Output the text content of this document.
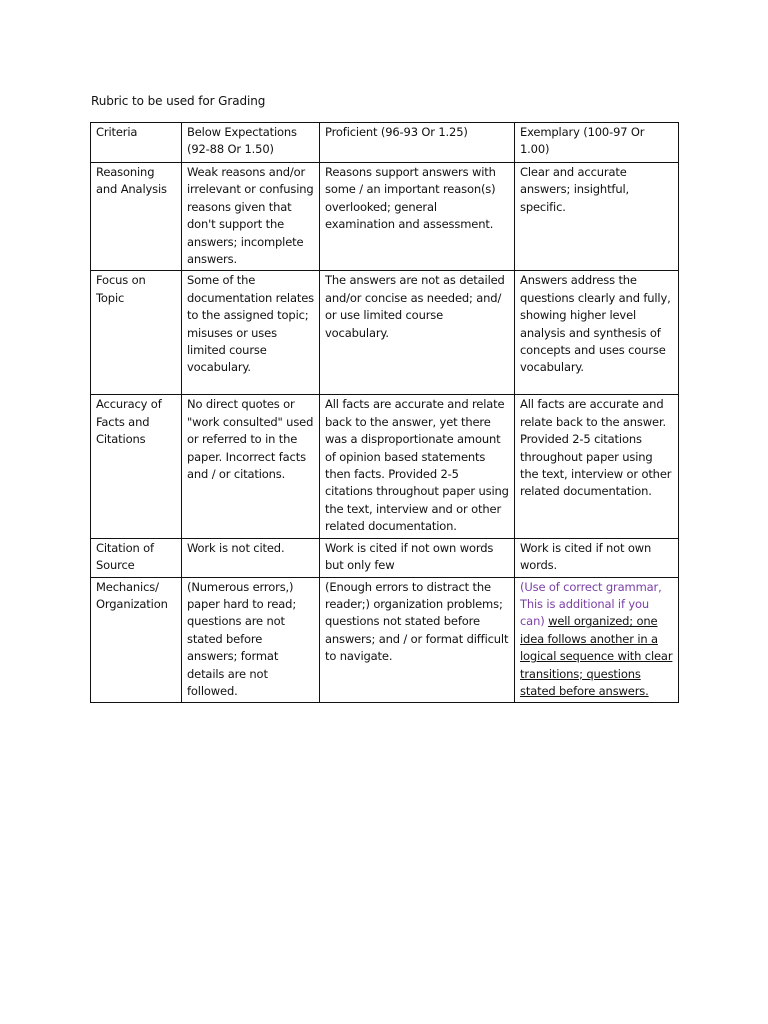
Rubric to be used for Grading
Criteria	Below Expectations (92-88 Or 1.50)	Proficient (96-93 Or 1.25)	Exemplary (100-97 Or 1.00)
Reasoning and Analysis	Weak reasons and/or irrelevant or confusing reasons given that don't support the answers; incomplete answers.	Reasons support answers with some / an important reason(s) overlooked; general examination and assessment.	Clear and accurate answers; insightful, specific.
Focus on Topic	Some of the documentation relates to the assigned topic; misuses or uses limited course vocabulary.	The answers are not as detailed and/or concise as needed; and/ or use limited course vocabulary.	Answers address the questions clearly and fully, showing higher level analysis and synthesis of concepts and uses course vocabulary.
Accuracy of Facts and Citations	No direct quotes or "work consulted" used or referred to in the paper. Incorrect facts and / or citations.	All facts are accurate and relate back to the answer, yet there was a disproportionate amount of opinion based statements then facts. Provided 2-5 citations throughout paper using the text, interview and or other related documentation.	All facts are accurate and relate back to the answer. Provided 2-5 citations throughout paper using the text, interview or other related documentation.
Citation of Source	Work is not cited.	Work is cited if not own words but only few	Work is cited if not own words.
Mechanics/ Organization	(Numerous errors,) paper hard to read; questions are not stated before answers; format details are not followed.	(Enough errors to distract the reader;) organization problems; questions not stated before answers; and / or format difficult to navigate.	(Use of correct grammar, This is additional if you can) well organized; one idea follows another in a logical sequence with clear transitions; questions stated before answers.
